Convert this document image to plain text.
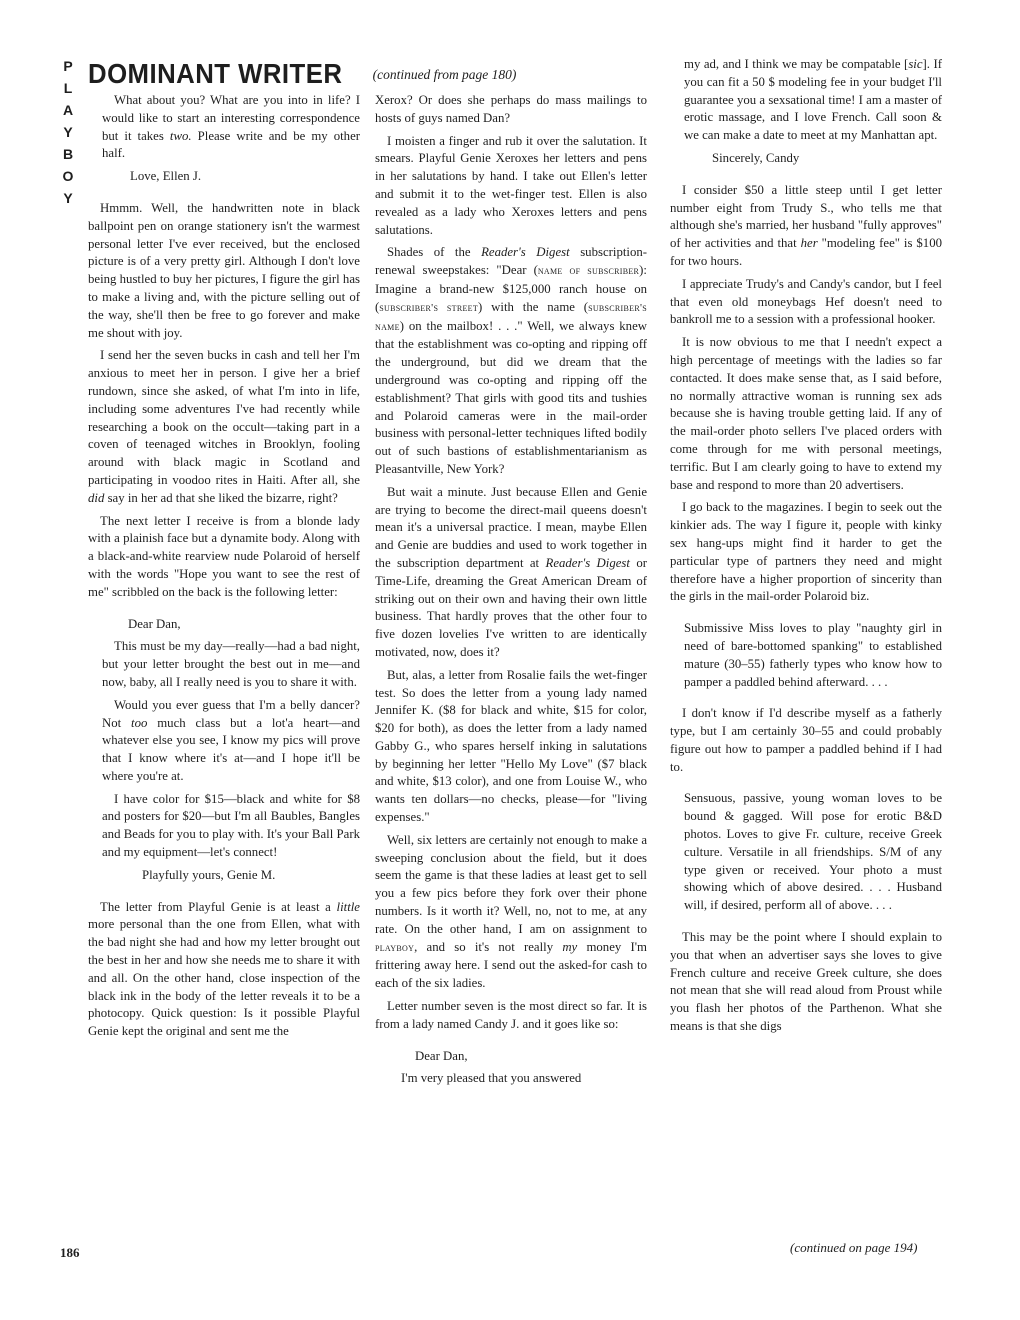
P
L
A
Y
B
O
Y
DOMINANT WRITER $^{(continued from page 180)}$

What about you? What are you into in life? I would like to start an interesting correspondence but it takes two. Please write and be my other half.

Love, Ellen J.

Hmmm. Well, the handwritten note in black ballpoint pen on orange stationery isn't the warmest personal letter I've ever received, but the enclosed picture is of a very pretty girl. Although I don't love being hustled to buy her pictures, I figure the girl has to make a living and, with the picture selling out of the way, she'll then be free to go forever and make me shout with joy.

I send her the seven bucks in cash and tell her I'm anxious to meet her in person. I give her a brief rundown, since she asked, of what I'm into in life, including some adventures I've had recently while researching a book on the occult—taking part in a coven of teenaged witches in Brooklyn, fooling around with black magic in Scotland and participating in voodoo rites in Haiti. After all, she did say in her ad that she liked the bizarre, right?

The next letter I receive is from a blonde lady with a plainish face but a dynamite body. Along with a black-and-white rearview nude Polaroid of herself with the words "Hope you want to see the rest of me" scribbled on the back is the following letter:

Dear Dan,

This must be my day—really—had a bad night, but your letter brought the best out in me—and now, baby, all I really need is you to share it with.

Would you ever guess that I'm a belly dancer? Not too much class but a lot'a heart—and whatever else you see, I know my pics will prove that I know where it's at—and I hope it'll be where you're at.

I have color for $15—black and white for $8 and posters for $20—but I'm all Baubles, Bangles and Beads for you to play with. It's your Ball Park and my equipment—let's connect!

Playfully yours, Genie M.

The letter from Playful Genie is at least a little more personal than the one from Ellen, what with the bad night she had and how my letter brought out the best in her and how she needs me to share it with and all. On the other hand, close inspection of the black ink in the body of the letter reveals it to be a photocopy. Quick question: Is it possible Playful Genie kept the original and sent me the

Xerox? Or does she perhaps do mass mailings to hosts of guys named Dan?

I moisten a finger and rub it over the salutation. It smears. Playful Genie Xeroxes her letters and pens in her salutations by hand. I take out Ellen's letter and submit it to the wet-finger test. Ellen is also revealed as a lady who Xeroxes letters and pens salutations.

Shades of the Reader's Digest subscription-renewal sweepstakes: "Dear (name of subscriber): Imagine a brand-new $125,000 ranch house on (subscriber's street) with the name (subscriber's name) on the mailbox! . . ." Well, we always knew that the establishment was co-opting and ripping off the underground, but did we dream that the underground was co-opting and ripping off the establishment? That girls with good tits and tushies and Polaroid cameras were in the mail-order business with personal-letter techniques lifted bodily out of such bastions of establishmentarianism as Pleasantville, New York?

But wait a minute. Just because Ellen and Genie are trying to become the direct-mail queens doesn't mean it's a universal practice. I mean, maybe Ellen and Genie are buddies and used to work together in the subscription department at Reader's Digest or Time-Life, dreaming the Great American Dream of striking out on their own and having their own little business. That hardly proves that the other four to five dozen lovelies I've written to are identically motivated, now, does it?

But, alas, a letter from Rosalie fails the wet-finger test. So does the letter from a young lady named Jennifer K. ($8 for black and white, $15 for color, $20 for both), as does the letter from a lady named Gabby G., who spares herself inking in salutations by beginning her letter "Hello My Love" ($7 black and white, $13 color), and one from Louise W., who wants ten dollars—no checks, please—for "living expenses."

Well, six letters are certainly not enough to make a sweeping conclusion about the field, but it does seem the game is that these ladies at least get to sell you a few pics before they fork over their phone numbers. Is it worth it? Well, no, not to me, at any rate. On the other hand, I am on assignment to playboy, and so it's not really my money I'm frittering away here. I send out the asked-for cash to each of the six ladies.

Letter number seven is the most direct so far. It is from a lady named Candy J. and it goes like so:

Dear Dan,

I'm very pleased that you answered

my ad, and I think we may be compatable [sic]. If you can fit a 50 $ modeling fee in your budget I'll guarantee you a sexsational time! I am a master of erotic massage, and I love French. Call soon & we can make a date to meet at my Manhattan apt.

Sincerely, Candy

I consider $50 a little steep until I get letter number eight from Trudy S., who tells me that although she's married, her husband "fully approves" of her activities and that her "modeling fee" is $100 for two hours.

I appreciate Trudy's and Candy's candor, but I feel that even old moneybags Hef doesn't need to bankroll me to a session with a professional hooker.

It is now obvious to me that I needn't expect a high percentage of meetings with the ladies so far contacted. It does make sense that, as I said before, no normally attractive woman is running sex ads because she is having trouble getting laid. If any of the mail-order photo sellers I've placed orders with come through for me with personal meetings, terrific. But I am clearly going to have to extend my base and respond to more than 20 advertisers.

I go back to the magazines. I begin to seek out the kinkier ads. The way I figure it, people with kinky sex hang-ups might find it harder to get the particular type of partners they need and might therefore have a higher proportion of sincerity than the girls in the mail-order Polaroid biz.

Submissive Miss loves to play "naughty girl in need of bare-bottomed spanking" to established mature (30–55) fatherly types who know how to pamper a paddled behind afterward. . . .

I don't know if I'd describe myself as a fatherly type, but I am certainly 30–55 and could probably figure out how to pamper a paddled behind if I had to.

Sensuous, passive, young woman loves to be bound & gagged. Will pose for erotic B&D photos. Loves to give Fr. culture, receive Greek culture. Versatile in all friendships. S/M of any type given or received. Your photo a must showing which of above desired. . . . Husband will, if desired, perform all of above. . . .

This may be the point where I should explain to you that when an advertiser says she loves to give French culture and receive Greek culture, she does not mean that she will read aloud from Proust while you flash her photos of the Parthenon. What she means is that she digs

186	(continued on page 194)
